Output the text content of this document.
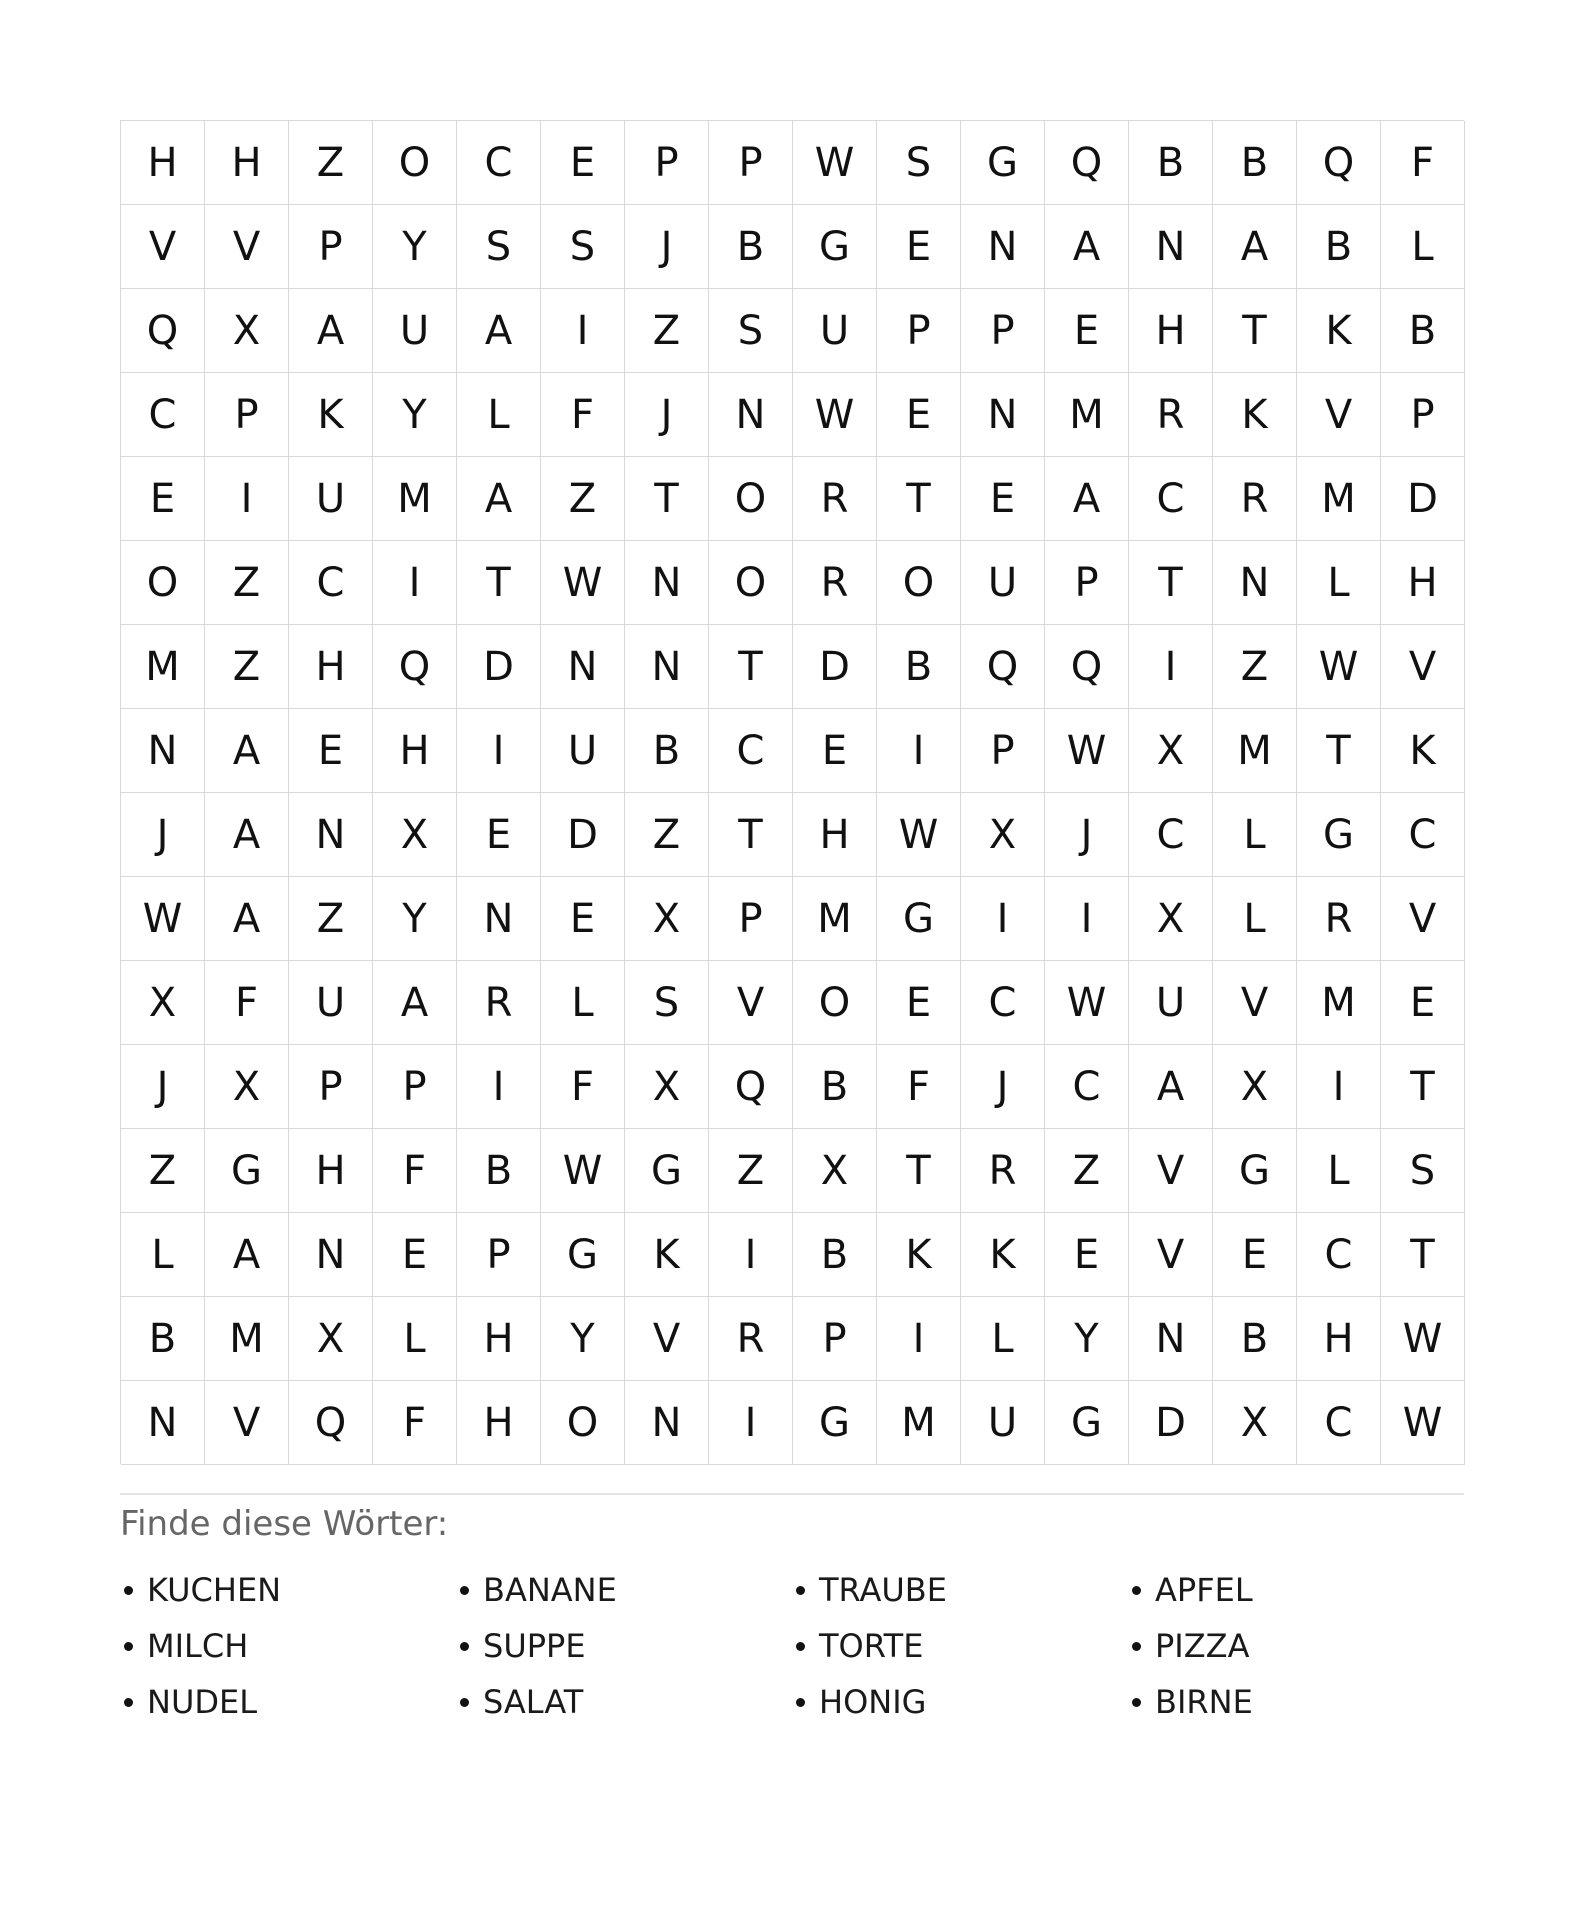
H	H	Z	O	C	E	P	P	W	S	G	Q	B	B	Q	F
V	V	P	Y	S	S	J	B	G	E	N	A	N	A	B	L
Q	X	A	U	A	I	Z	S	U	P	P	E	H	T	K	B
C	P	K	Y	L	F	J	N	W	E	N	M	R	K	V	P
E	I	U	M	A	Z	T	O	R	T	E	A	C	R	M	D
O	Z	C	I	T	W	N	O	R	O	U	P	T	N	L	H
M	Z	H	Q	D	N	N	T	D	B	Q	Q	I	Z	W	V
N	A	E	H	I	U	B	C	E	I	P	W	X	M	T	K
J	A	N	X	E	D	Z	T	H	W	X	J	C	L	G	C
W	A	Z	Y	N	E	X	P	M	G	I	I	X	L	R	V
X	F	U	A	R	L	S	V	O	E	C	W	U	V	M	E
J	X	P	P	I	F	X	Q	B	F	J	C	A	X	I	T
Z	G	H	F	B	W	G	Z	X	T	R	Z	V	G	L	S
L	A	N	E	P	G	K	I	B	K	K	E	V	E	C	T
B	M	X	L	H	Y	V	R	P	I	L	Y	N	B	H	W
N	V	Q	F	H	O	N	I	G	M	U	G	D	X	C	W
Finde diese Wörter:
KUCHEN	BANANE	TRAUBE	APFEL
MILCH	SUPPE	TORTE	PIZZA
NUDEL	SALAT	HONIG	BIRNE
